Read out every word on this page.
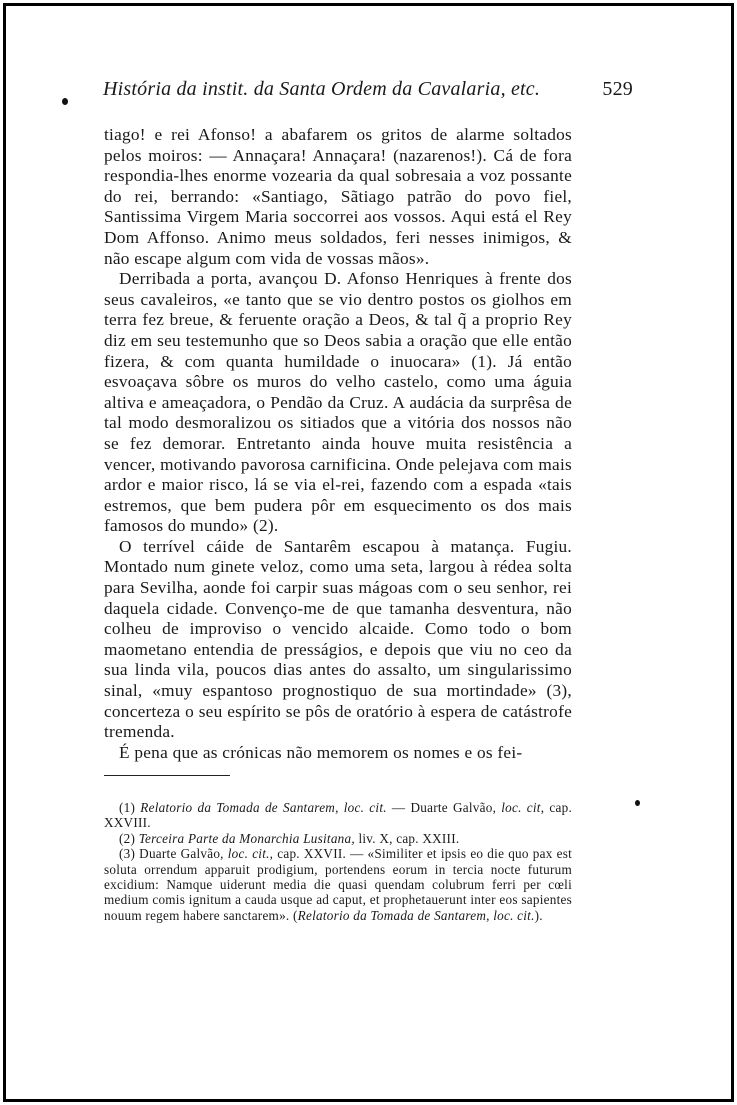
História da instit. da Santa Ordem da Cavalaria, etc.	529

tiago! e rei Afonso! a abafarem os gritos de alarme soltados pelos moiros: — Annaçara! Annaçara! (nazarenos!). Cá de fora respondia-lhes enorme vozearia da qual sobresaia a voz possante do rei, berrando: «Santiago, Sãtiago patrão do povo fiel, Santissima Virgem Maria soccorrei aos vossos. Aqui está el Rey Dom Affonso. Animo meus soldados, feri nesses inimigos, & não escape algum com vida de vossas mãos».

Derribada a porta, avançou D. Afonso Henriques à frente dos seus cavaleiros, «e tanto que se vio dentro postos os giolhos em terra fez breue, & feruente oração a Deos, & tal q̃ a proprio Rey diz em seu testemunho que so Deos sabia a oração que elle então fizera, & com quanta humildade o inuocara» (1). Já então esvoaçava sôbre os muros do velho castelo, como uma águia altiva e ameaçadora, o Pendão da Cruz. A audácia da surprêsa de tal modo desmoralizou os sitiados que a vitória dos nossos não se fez demorar. Entretanto ainda houve muita resistência a vencer, motivando pavorosa carnificina. Onde pelejava com mais ardor e maior risco, lá se via el-rei, fazendo com a espada «tais estremos, que bem pudera pôr em esquecimento os dos mais famosos do mundo» (2).

O terrível cáide de Santarêm escapou à matança. Fugiu. Montado num ginete veloz, como uma seta, largou à rédea solta para Sevilha, aonde foi carpir suas mágoas com o seu senhor, rei daquela cidade. Convenço-me de que tamanha desventura, não colheu de improviso o vencido alcaide. Como todo o bom maometano entendia de presságios, e depois que viu no ceo da sua linda vila, poucos dias antes do assalto, um singularissimo sinal, «muy espantoso prognostiquo de sua mortindade» (3), concerteza o seu espírito se pôs de oratório à espera de catástrofe tremenda.

É pena que as crónicas não memorem os nomes e os fei-

(1) Relatorio da Tomada de Santarem, loc. cit. — Duarte Galvão, loc. cit, cap. XXVIII.

(2) Terceira Parte da Monarchia Lusitana, liv. X, cap. XXIII.

(3) Duarte Galvão, loc. cit., cap. XXVII. — «Similiter et ipsis eo die quo pax est soluta orrendum apparuit prodigium, portendens eorum in tercia nocte futurum excidium: Namque uiderunt media die quasi quendam colubrum ferri per cœli medium comis ignitum a cauda usque ad caput, et prophetauerunt inter eos sapientes nouum regem habere sanctarem». (Relatorio da Tomada de Santarem, loc. cit.).
